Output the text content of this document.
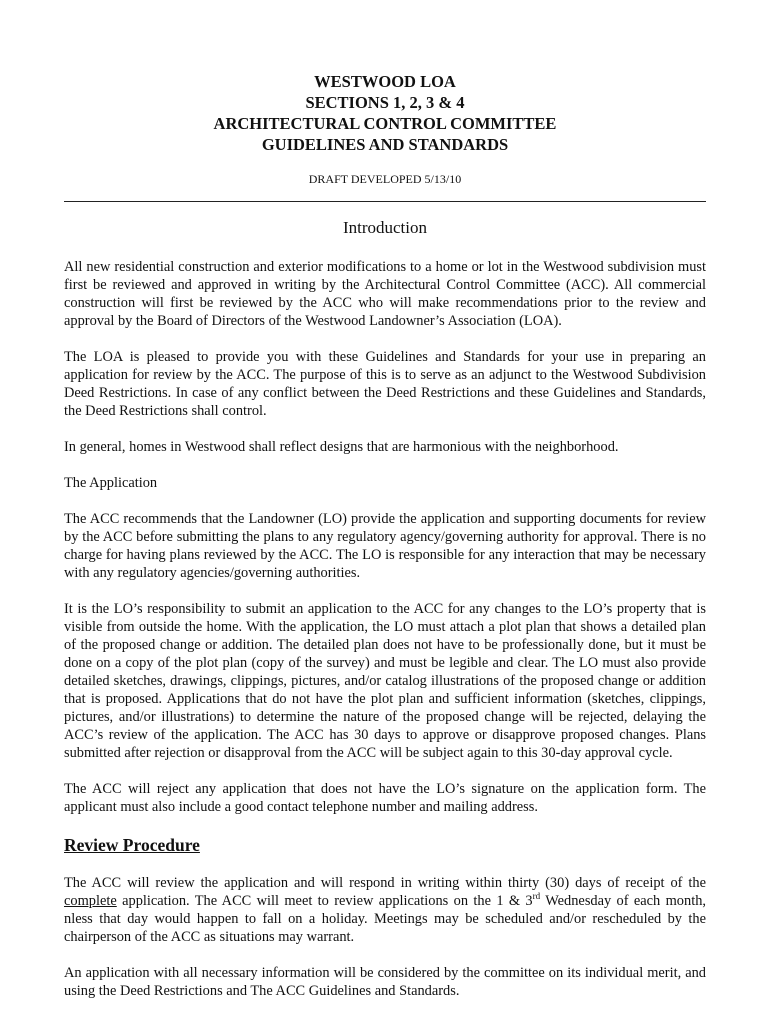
WESTWOOD LOA
SECTIONS 1, 2, 3 & 4
ARCHITECTURAL CONTROL COMMITTEE
GUIDELINES AND STANDARDS
DRAFT DEVELOPED 5/13/10
Introduction

All new residential construction and exterior modifications to a home or lot in the Westwood subdivision must first be reviewed and approved in writing by the Architectural Control Committee (ACC). All commercial construction will first be reviewed by the ACC who will make recommendations prior to the review and approval by the Board of Directors of the Westwood Landowner’s Association (LOA).

The LOA is pleased to provide you with these Guidelines and Standards for your use in preparing an application for review by the ACC. The purpose of this is to serve as an adjunct to the Westwood Subdivision Deed Restrictions. In case of any conflict between the Deed Restrictions and these Guidelines and Standards, the Deed Restrictions shall control.

In general, homes in Westwood shall reflect designs that are harmonious with the neighborhood.

The Application

The ACC recommends that the Landowner (LO) provide the application and supporting documents for review by the ACC before submitting the plans to any regulatory agency/governing authority for approval. There is no charge for having plans reviewed by the ACC. The LO is responsible for any interaction that may be necessary with any regulatory agencies/governing authorities.

It is the LO’s responsibility to submit an application to the ACC for any changes to the LO’s property that is visible from outside the home. With the application, the LO must attach a plot plan that shows a detailed plan of the proposed change or addition. The detailed plan does not have to be professionally done, but it must be done on a copy of the plot plan (copy of the survey) and must be legible and clear. The LO must also provide detailed sketches, drawings, clippings, pictures, and/or catalog illustrations of the proposed change or addition that is proposed. Applications that do not have the plot plan and sufficient information (sketches, clippings, pictures, and/or illustrations) to determine the nature of the proposed change will be rejected, delaying the ACC’s review of the application. The ACC has 30 days to approve or disapprove proposed changes. Plans submitted after rejection or disapproval from the ACC will be subject again to this 30-day approval cycle.

The ACC will reject any application that does not have the LO’s signature on the application form. The applicant must also include a good contact telephone number and mailing address.

Review Procedure

The ACC will review the application and will respond in writing within thirty (30) days of receipt of the complete application. The ACC will meet to review applications on the 1 & 3rd Wednesday of each month, nless that day would happen to fall on a holiday. Meetings may be scheduled and/or rescheduled by the chairperson of the ACC as situations may warrant.

An application with all necessary information will be considered by the committee on its individual merit, and using the Deed Restrictions and The ACC Guidelines and Standards.
